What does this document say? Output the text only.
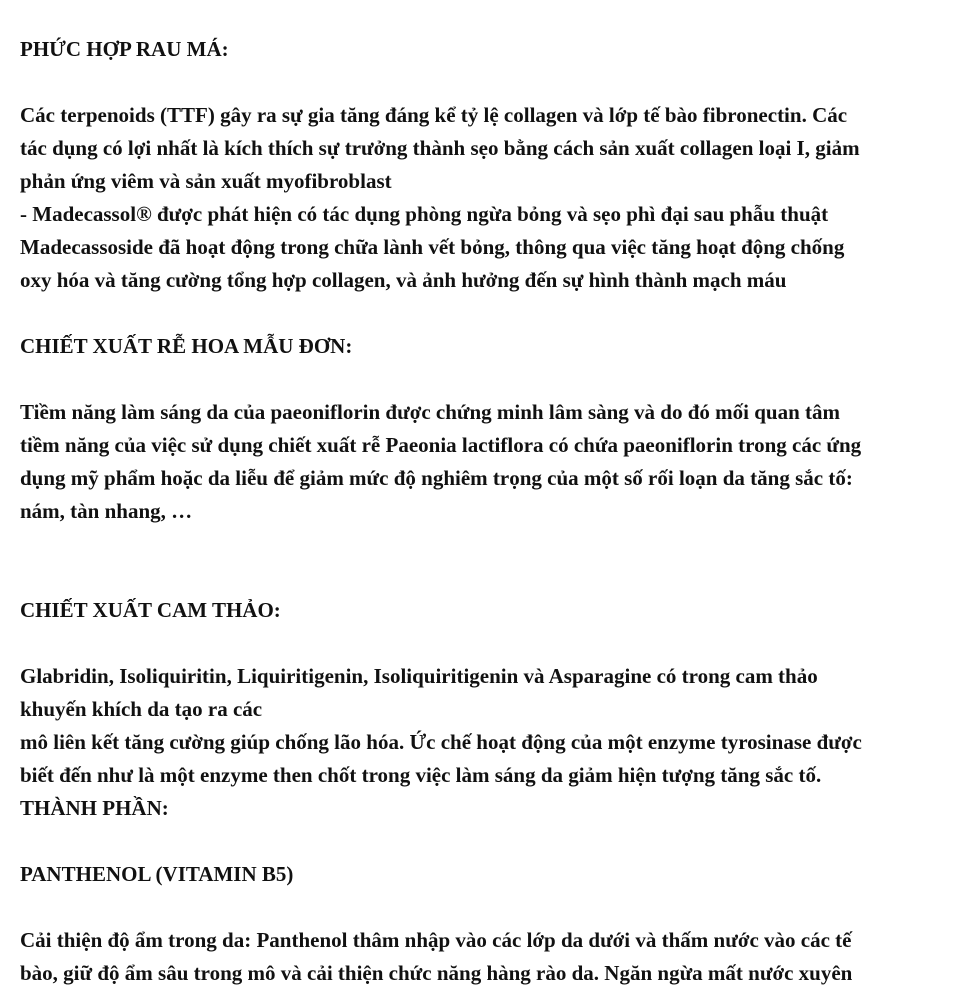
PHỨC HỢP RAU MÁ:
Các terpenoids (TTF) gây ra sự gia tăng đáng kể tỷ lệ collagen và lớp tế bào fibronectin. Các
tác dụng có lợi nhất là kích thích sự trưởng thành sẹo bằng cách sản xuất collagen loại I, giảm
phản ứng viêm và sản xuất myofibroblast
- Madecassol® được phát hiện có tác dụng phòng ngừa bỏng và sẹo phì đại sau phẫu thuật
Madecassoside đã hoạt động trong chữa lành vết bỏng, thông qua việc tăng hoạt động chống
oxy hóa và tăng cường tổng hợp collagen, và ảnh hưởng đến sự hình thành mạch máu
CHIẾT XUẤT RỄ HOA MẪU ĐƠN:
Tiềm năng làm sáng da của paeoniflorin được chứng minh lâm sàng và do đó mối quan tâm
tiềm năng của việc sử dụng chiết xuất rễ Paeonia lactiflora có chứa paeoniflorin trong các ứng
dụng mỹ phẩm hoặc da liễu để giảm mức độ nghiêm trọng của một số rối loạn da tăng sắc tố:
nám, tàn nhang, …
CHIẾT XUẤT CAM THẢO:
Glabridin, Isoliquiritin, Liquiritigenin, Isoliquiritigenin và Asparagine có trong cam thảo
khuyến khích da tạo ra các
mô liên kết tăng cường giúp chống lão hóa. Ức chế hoạt động của một enzyme tyrosinase được
biết đến như là một enzyme then chốt trong việc làm sáng da giảm hiện tượng tăng sắc tố.
THÀNH PHẦN:
PANTHENOL (VITAMIN B5)
Cải thiện độ ẩm trong da: Panthenol thâm nhập vào các lớp da dưới và thấm nước vào các tế
bào, giữ độ ẩm sâu trong mô và cải thiện chức năng hàng rào da. Ngăn ngừa mất nước xuyên
